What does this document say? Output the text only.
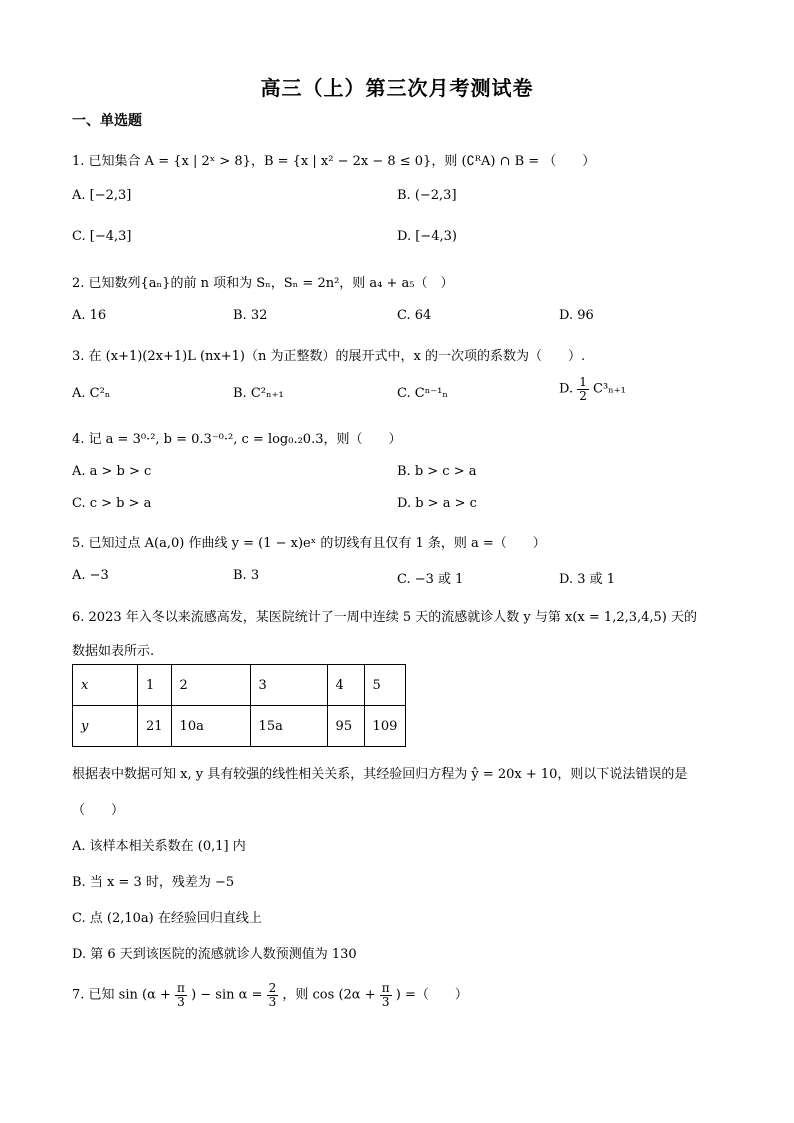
高三（上）第三次月考测试卷
一、单选题
1. 已知集合 A = {x | 2ˣ > 8}，B = {x | x² − 2x − 8 ≤ 0}，则 (∁ᴿA) ∩ B = （　　）
A. [−2,3]	B. (−2,3]
C. [−4,3]	D. [−4,3)
2. 已知数列{aₙ}的前 n 项和为 Sₙ，Sₙ = 2n²，则 a₄ + a₅（　）
A. 16	B. 32	C. 64	D. 96
3. 在 (x+1)(2x+1)L (nx+1)（n 为正整数）的展开式中，x 的一次项的系数为（　　）.
A. C²ₙ	B. C²ₙ₊₁	C. Cⁿ⁻¹ₙ	D. $\frac{1}{2} C^3_{n+1}$
4. 记 a = 3⁰·², b = 0.3⁻⁰·², c = log₀.₂0.3，则（　　）
A. a > b > c	B. b > c > a
C. c > b > a	D. b > a > c
5. 已知过点 A(a,0) 作曲线 y = (1 − x)eˣ 的切线有且仅有 1 条，则 a =（　　）
A. −3	B. 3	C. −3 或 1	D. 3 或 1
6. 2023 年入冬以来流感高发，某医院统计了一周中连续 5 天的流感就诊人数 y 与第 x(x = 1,2,3,4,5) 天的
数据如表所示.
x	1	2	3	4	5
y	21	10a	15a	95	109
根据表中数据可知 x, y 具有较强的线性相关关系，其经验回归方程为 ŷ = 20x + 10，则以下说法错误的是
（　　）
A. 该样本相关系数在 (0,1] 内
B. 当 x = 3 时，残差为 −5
C. 点 (2,10a) 在经验回归直线上
D. 第 6 天到该医院的流感就诊人数预测值为 130
7. 已知 $\sin (\alpha + \frac{\pi}{3}$ ) − $\sin \alpha = \frac{2}{3}$ ，则 $\cos (2\alpha + \frac{\pi}{3}$ ) =（　　）
